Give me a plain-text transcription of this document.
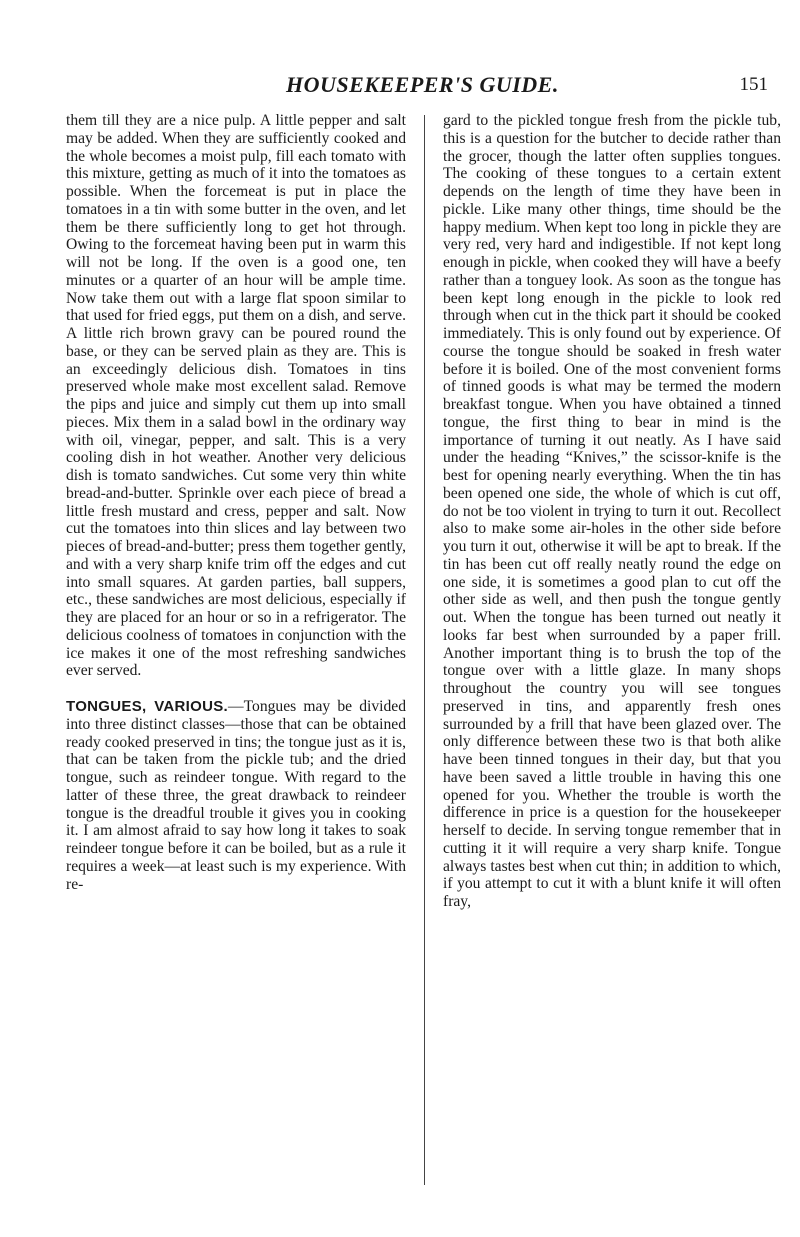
HOUSEKEEPER'S GUIDE.	151

them till they are a nice pulp. A little pepper and salt may be added. When they are sufficiently cooked and the whole becomes a moist pulp, fill each tomato with this mixture, getting as much of it into the tomatoes as possible. When the forcemeat is put in place the tomatoes in a tin with some butter in the oven, and let them be there sufficiently long to get hot through. Owing to the forcemeat having been put in warm this will not be long. If the oven is a good one, ten minutes or a quarter of an hour will be ample time. Now take them out with a large flat spoon similar to that used for fried eggs, put them on a dish, and serve. A little rich brown gravy can be poured round the base, or they can be served plain as they are. This is an exceedingly delicious dish. Tomatoes in tins preserved whole make most excellent salad. Remove the pips and juice and simply cut them up into small pieces. Mix them in a salad bowl in the ordinary way with oil, vinegar, pepper, and salt. This is a very cooling dish in hot weather. Another very delicious dish is tomato sandwiches. Cut some very thin white bread-and-butter. Sprinkle over each piece of bread a little fresh mustard and cress, pepper and salt. Now cut the tomatoes into thin slices and lay between two pieces of bread-and-butter; press them together gently, and with a very sharp knife trim off the edges and cut into small squares. At garden parties, ball suppers, etc., these sandwiches are most delicious, especially if they are placed for an hour or so in a refrigerator. The delicious coolness of tomatoes in conjunction with the ice makes it one of the most refreshing sandwiches ever served.

TONGUES, VARIOUS.—Tongues may be divided into three distinct classes—those that can be obtained ready cooked preserved in tins; the tongue just as it is, that can be taken from the pickle tub; and the dried tongue, such as reindeer tongue. With regard to the latter of these three, the great drawback to reindeer tongue is the dreadful trouble it gives you in cooking it. I am almost afraid to say how long it takes to soak reindeer tongue before it can be boiled, but as a rule it requires a week—at least such is my experience. With re-

gard to the pickled tongue fresh from the pickle tub, this is a question for the butcher to decide rather than the grocer, though the latter often supplies tongues. The cooking of these tongues to a certain extent depends on the length of time they have been in pickle. Like many other things, time should be the happy medium. When kept too long in pickle they are very red, very hard and indigestible. If not kept long enough in pickle, when cooked they will have a beefy rather than a tonguey look. As soon as the tongue has been kept long enough in the pickle to look red through when cut in the thick part it should be cooked immediately. This is only found out by experience. Of course the tongue should be soaked in fresh water before it is boiled. One of the most convenient forms of tinned goods is what may be termed the modern breakfast tongue. When you have obtained a tinned tongue, the first thing to bear in mind is the importance of turning it out neatly. As I have said under the heading “Knives,” the scissor-knife is the best for opening nearly everything. When the tin has been opened one side, the whole of which is cut off, do not be too violent in trying to turn it out. Recollect also to make some air-holes in the other side before you turn it out, otherwise it will be apt to break. If the tin has been cut off really neatly round the edge on one side, it is sometimes a good plan to cut off the other side as well, and then push the tongue gently out. When the tongue has been turned out neatly it looks far best when surrounded by a paper frill. Another important thing is to brush the top of the tongue over with a little glaze. In many shops throughout the country you will see tongues preserved in tins, and apparently fresh ones surrounded by a frill that have been glazed over. The only difference between these two is that both alike have been tinned tongues in their day, but that you have been saved a little trouble in having this one opened for you. Whether the trouble is worth the difference in price is a question for the housekeeper herself to decide. In serving tongue remember that in cutting it it will require a very sharp knife. Tongue always tastes best when cut thin; in addition to which, if you attempt to cut it with a blunt knife it will often fray,
